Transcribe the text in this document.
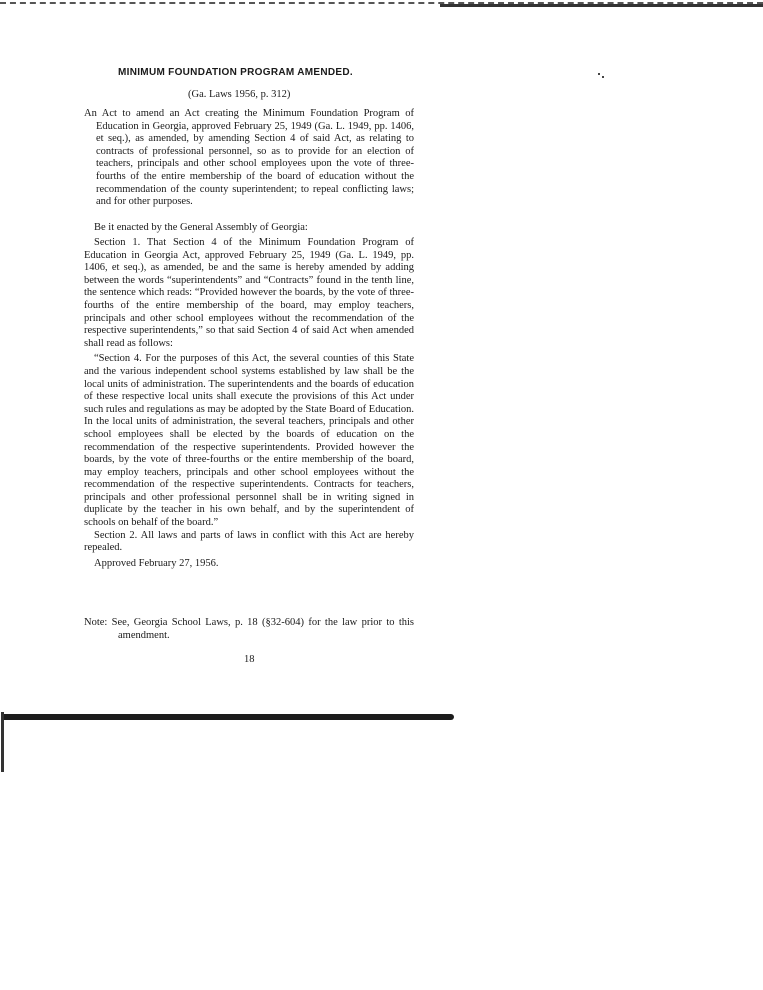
MINIMUM FOUNDATION PROGRAM AMENDED.

(Ga. Laws 1956, p. 312)

An Act to amend an Act creating the Minimum Foundation Program of Education in Georgia, approved February 25, 1949 (Ga. L. 1949, pp. 1406, et seq.), as amended, by amending Section 4 of said Act, as relating to contracts of professional personnel, so as to provide for an election of teachers, principals and other school employees upon the vote of three-fourths of the entire membership of the board of education without the recommendation of the county superintendent; to repeal conflicting laws; and for other purposes.

Be it enacted by the General Assembly of Georgia:

Section 1. That Section 4 of the Minimum Foundation Program of Education in Georgia Act, approved February 25, 1949 (Ga. L. 1949, pp. 1406, et seq.), as amended, be and the same is hereby amended by adding between the words “superintendents” and “Contracts” found in the tenth line, the sentence which reads: “Provided however the boards, by the vote of three-fourths of the entire membership of the board, may employ teachers, principals and other school employees without the recommendation of the respective superintendents,” so that said Section 4 of said Act when amended shall read as follows:

“Section 4. For the purposes of this Act, the several counties of this State and the various independent school systems established by law shall be the local units of administration. The superintendents and the boards of education of these respective local units shall execute the provisions of this Act under such rules and regulations as may be adopted by the State Board of Education. In the local units of administration, the several teachers, principals and other school employees shall be elected by the boards of education on the recommendation of the respective superintendents. Provided however the boards, by the vote of three-fourths or the entire membership of the board, may employ teachers, principals and other school employees without the recommendation of the respective superintendents. Contracts for teachers, principals and other professional personnel shall be in writing signed in duplicate by the teacher in his own behalf, and by the superintendent of schools on behalf of the board.”

Section 2. All laws and parts of laws in conflict with this Act are hereby repealed.

Approved February 27, 1956.

Note: See, Georgia School Laws, p. 18 (§32-604) for the law prior to this amendment.

18
